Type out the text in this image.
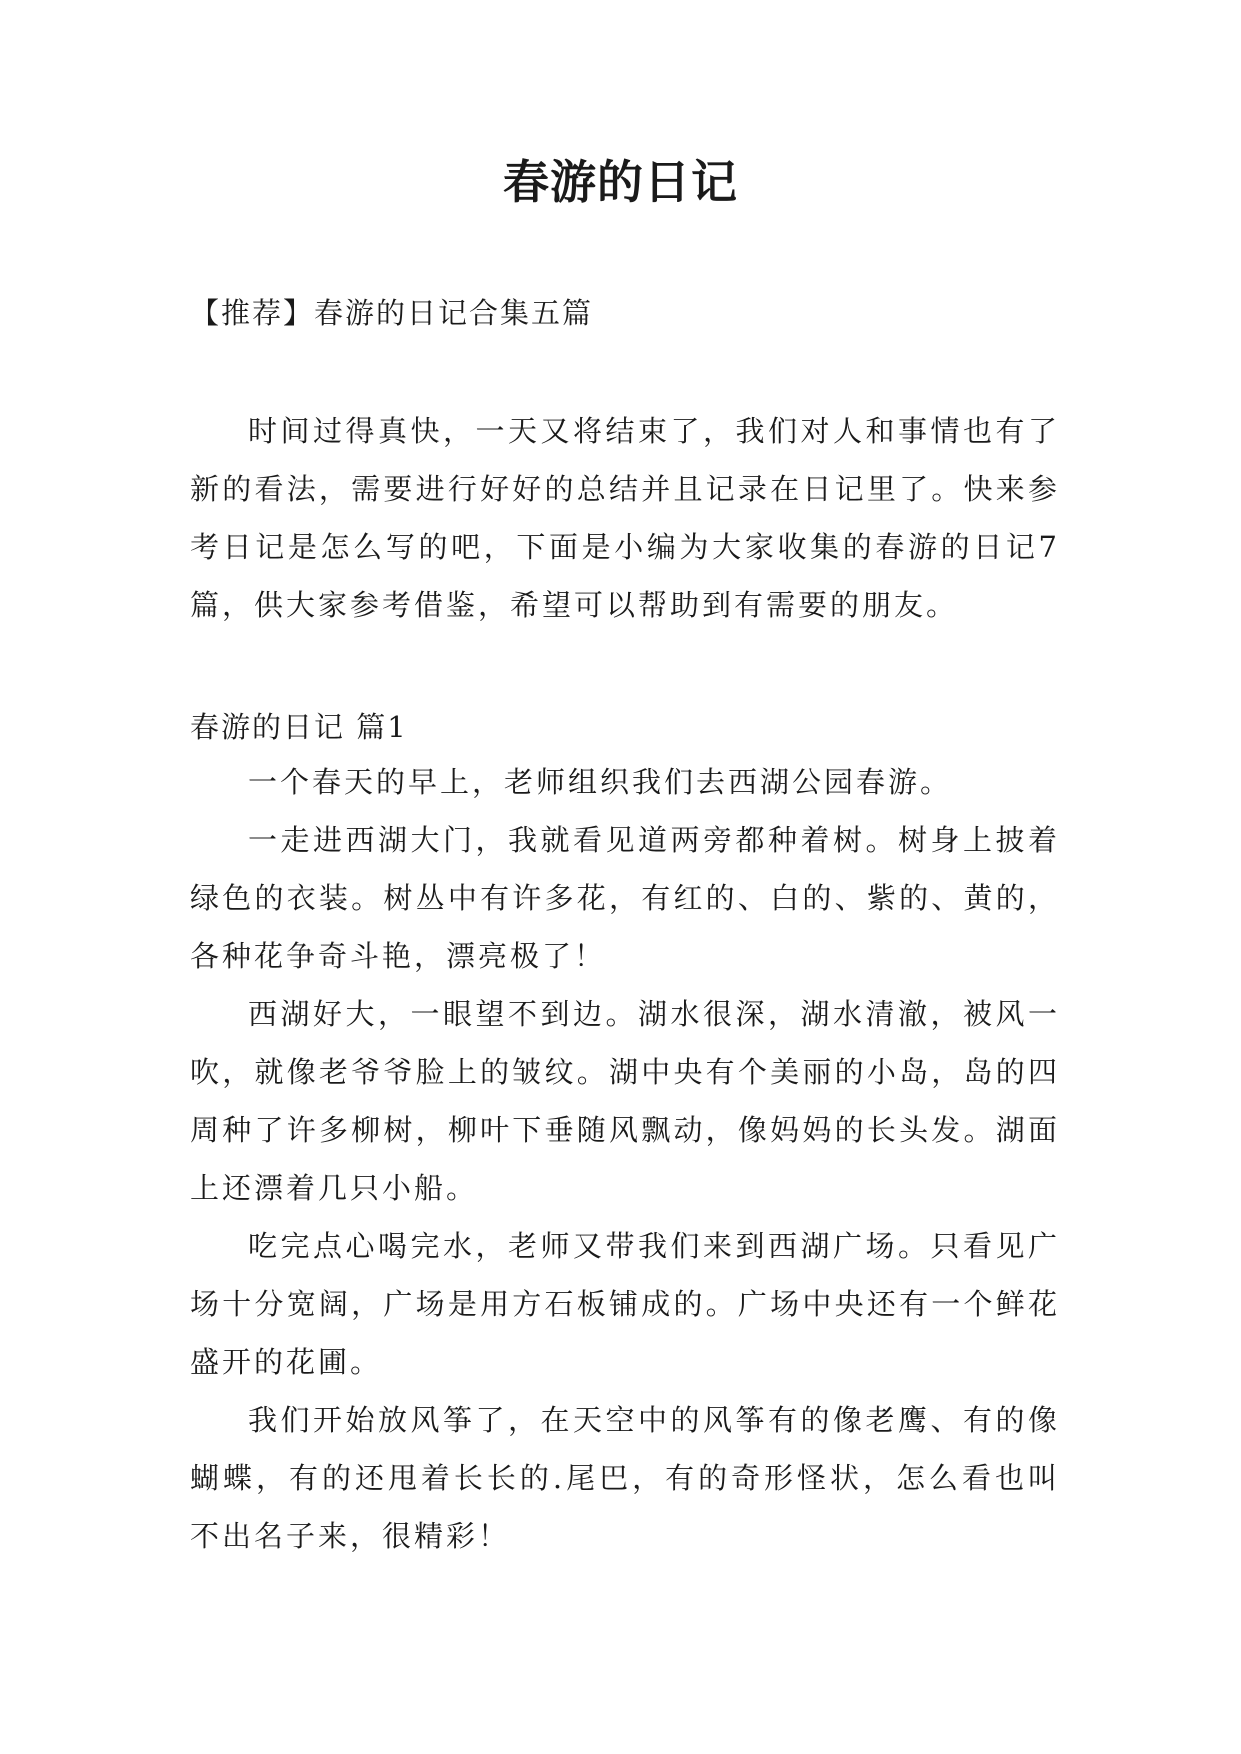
春游的日记

【推荐】春游的日记合集五篇

时间过得真快，一天又将结束了，我们对人和事情也有了新的看法，需要进行好好的总结并且记录在日记里了。快来参考日记是怎么写的吧，下面是小编为大家收集的春游的日记7篇，供大家参考借鉴，希望可以帮助到有需要的朋友。

春游的日记 篇1

一个春天的早上，老师组织我们去西湖公园春游。

一走进西湖大门，我就看见道两旁都种着树。树身上披着绿色的衣装。树丛中有许多花，有红的、白的、紫的、黄的，各种花争奇斗艳，漂亮极了！

西湖好大，一眼望不到边。湖水很深，湖水清澈，被风一吹，就像老爷爷脸上的皱纹。湖中央有个美丽的小岛，岛的四周种了许多柳树，柳叶下垂随风飘动，像妈妈的长头发。湖面上还漂着几只小船。

吃完点心喝完水，老师又带我们来到西湖广场。只看见广场十分宽阔，广场是用方石板铺成的。广场中央还有一个鲜花盛开的花圃。

我们开始放风筝了，在天空中的风筝有的像老鹰、有的像蝴蝶，有的还甩着长长的.尾巴，有的奇形怪状，怎么看也叫不出名子来，很精彩！
